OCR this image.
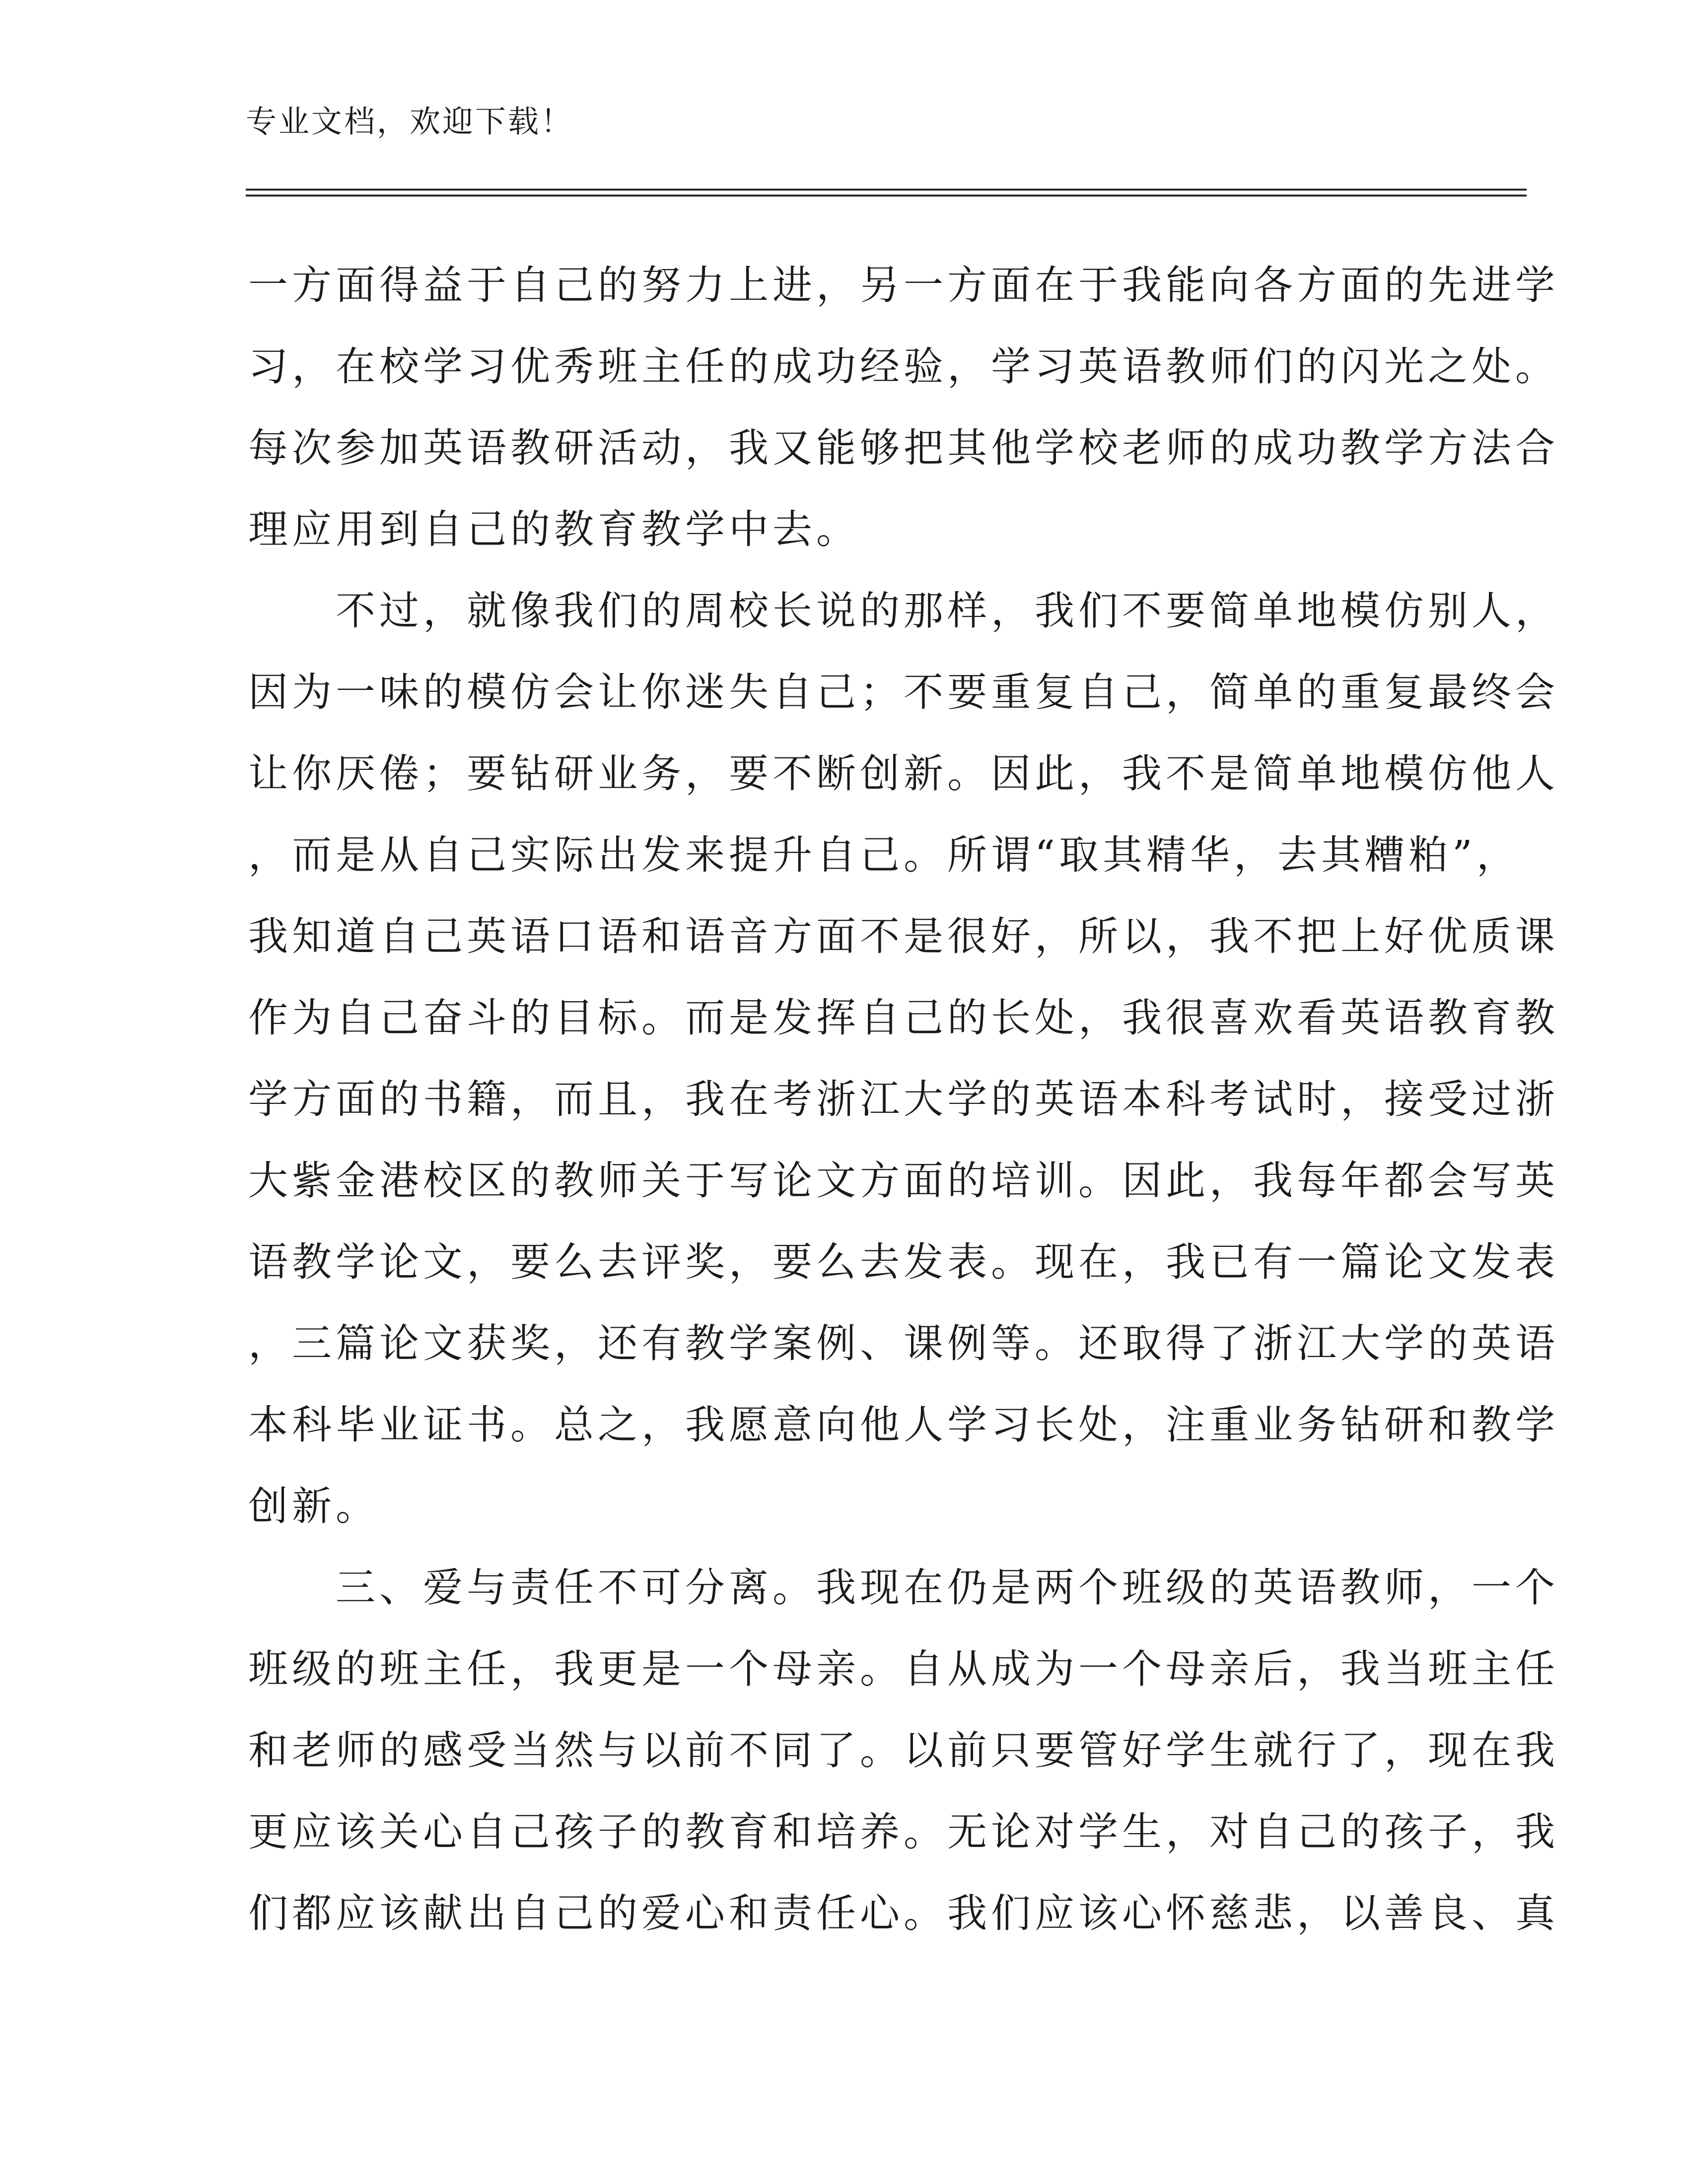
专业文档，欢迎下载！
一方面得益于自己的努力上进，另一方面在于我能向各方面的先进学
习，在校学习优秀班主任的成功经验，学习英语教师们的闪光之处。
每次参加英语教研活动，我又能够把其他学校老师的成功教学方法合
理应用到自己的教育教学中去。
　　不过，就像我们的周校长说的那样，我们不要简单地模仿别人，
因为一味的模仿会让你迷失自己；不要重复自己，简单的重复最终会
让你厌倦；要钻研业务，要不断创新。因此，我不是简单地模仿他人
，而是从自己实际出发来提升自己。所谓“取其精华，去其糟粕”，
我知道自己英语口语和语音方面不是很好，所以，我不把上好优质课
作为自己奋斗的目标。而是发挥自己的长处，我很喜欢看英语教育教
学方面的书籍，而且，我在考浙江大学的英语本科考试时，接受过浙
大紫金港校区的教师关于写论文方面的培训。因此，我每年都会写英
语教学论文，要么去评奖，要么去发表。现在，我已有一篇论文发表
，三篇论文获奖，还有教学案例、课例等。还取得了浙江大学的英语
本科毕业证书。总之，我愿意向他人学习长处，注重业务钻研和教学
创新。
　　三、爱与责任不可分离。我现在仍是两个班级的英语教师，一个
班级的班主任，我更是一个母亲。自从成为一个母亲后，我当班主任
和老师的感受当然与以前不同了。以前只要管好学生就行了，现在我
更应该关心自己孩子的教育和培养。无论对学生，对自己的孩子，我
们都应该献出自己的爱心和责任心。我们应该心怀慈悲，以善良、真
